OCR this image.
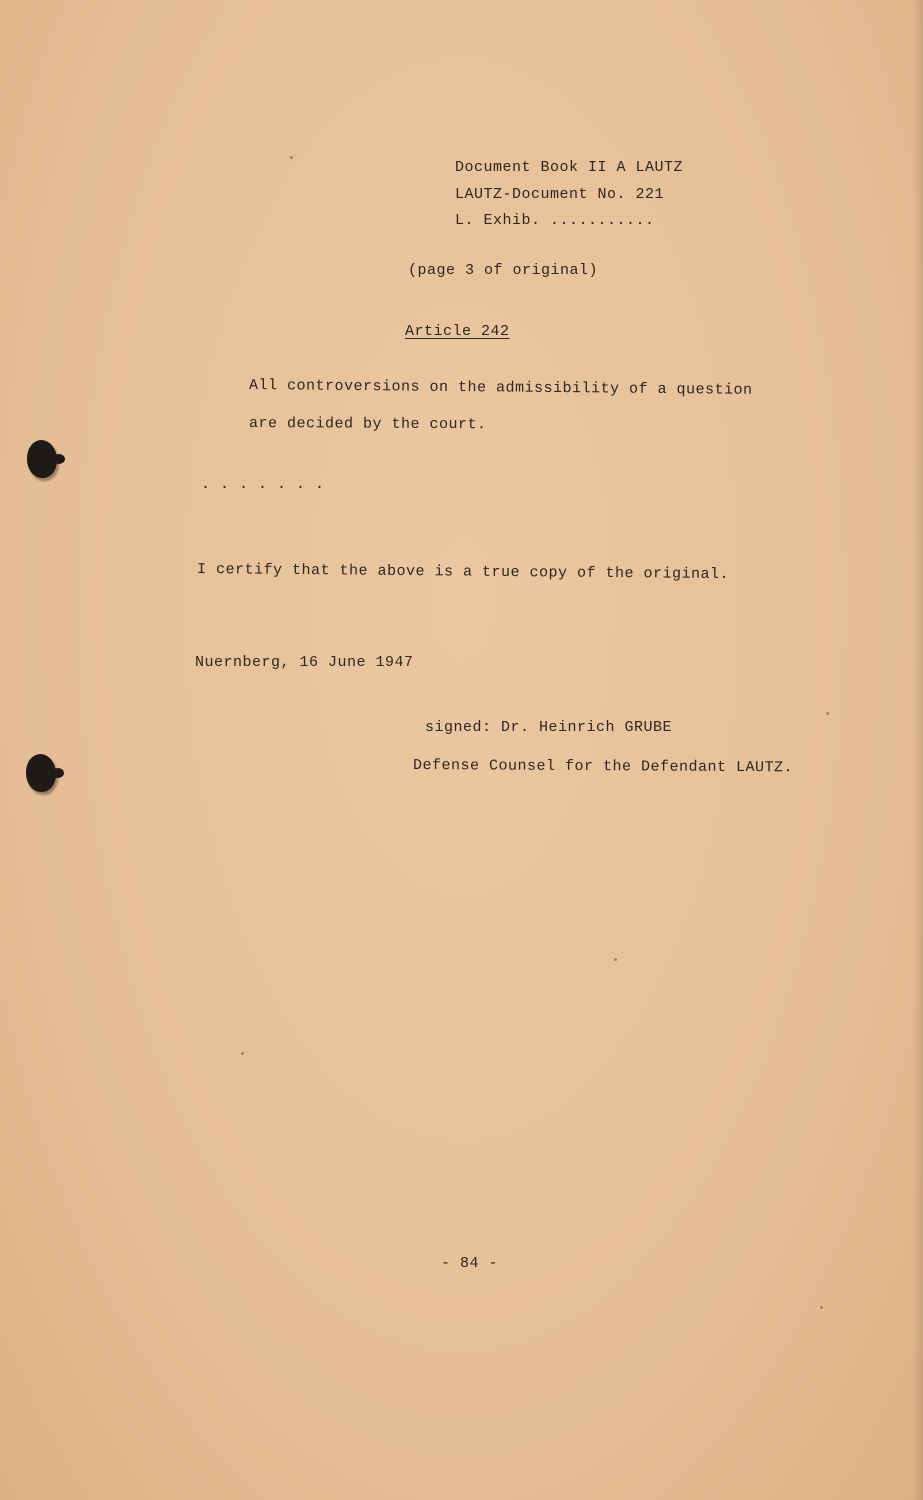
Document Book II A LAUTZ
LAUTZ-Document No. 221
L. Exhib. ...........
(page 3 of original)
Article 242
All controversions on the admissibility of a question
are decided by the court.
. . . . . . .
I certify that the above is a true copy of the original.
Nuernberg, 16 June 1947
signed: Dr. Heinrich GRUBE
Defense Counsel for the Defendant LAUTZ.
- 84 -
